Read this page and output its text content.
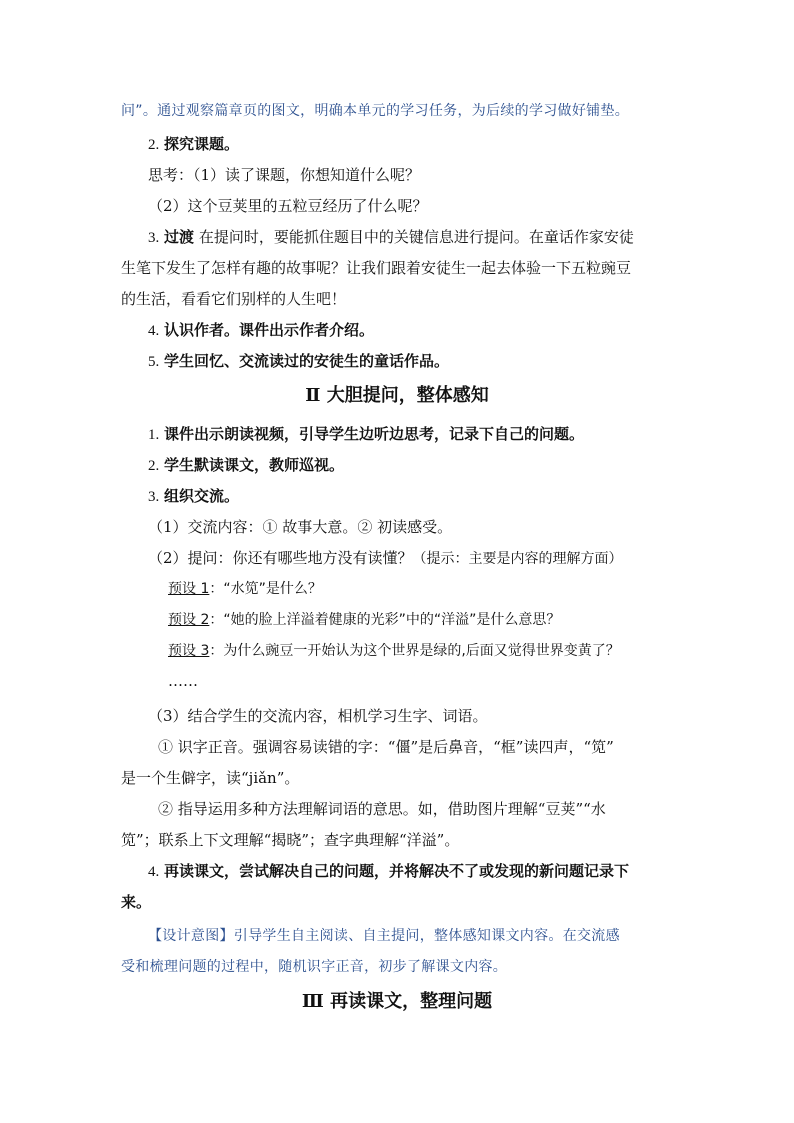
问”。通过观察篇章页的图文，明确本单元的学习任务，为后续的学习做好铺垫。
2. 探究课题。
思考：（1）读了课题，你想知道什么呢？
（2）这个豆荚里的五粒豆经历了什么呢？
3. 过渡 在提问时，要能抓住题目中的关键信息进行提问。在童话作家安徒
生笔下发生了怎样有趣的故事呢？让我们跟着安徒生一起去体验一下五粒豌豆
的生活，看看它们别样的人生吧！
4. 认识作者。课件出示作者介绍。
5. 学生回忆、交流读过的安徒生的童话作品。
Ⅱ 大胆提问，整体感知
1. 课件出示朗读视频，引导学生边听边思考，记录下自己的问题。
2. 学生默读课文，教师巡视。
3. 组织交流。
（1）交流内容：① 故事大意。② 初读感受。
（2）提问：你还有哪些地方没有读懂？（提示：主要是内容的理解方面）
预设 1：“水笕”是什么？
预设 2：“她的脸上洋溢着健康的光彩”中的“洋溢”是什么意思？
预设 3：为什么豌豆一开始认为这个世界是绿的,后面又觉得世界变黄了？
……
（3）结合学生的交流内容，相机学习生字、词语。
① 识字正音。强调容易读错的字：“僵”是后鼻音，“框”读四声，“笕”
是一个生僻字，读“jiǎn”。
② 指导运用多种方法理解词语的意思。如，借助图片理解“豆荚”“水
笕”；联系上下文理解“揭晓”；查字典理解“洋溢”。
4. 再读课文，尝试解决自己的问题，并将解决不了或发现的新问题记录下
来。
【设计意图】引导学生自主阅读、自主提问，整体感知课文内容。在交流感
受和梳理问题的过程中，随机识字正音，初步了解课文内容。
Ⅲ 再读课文，整理问题
